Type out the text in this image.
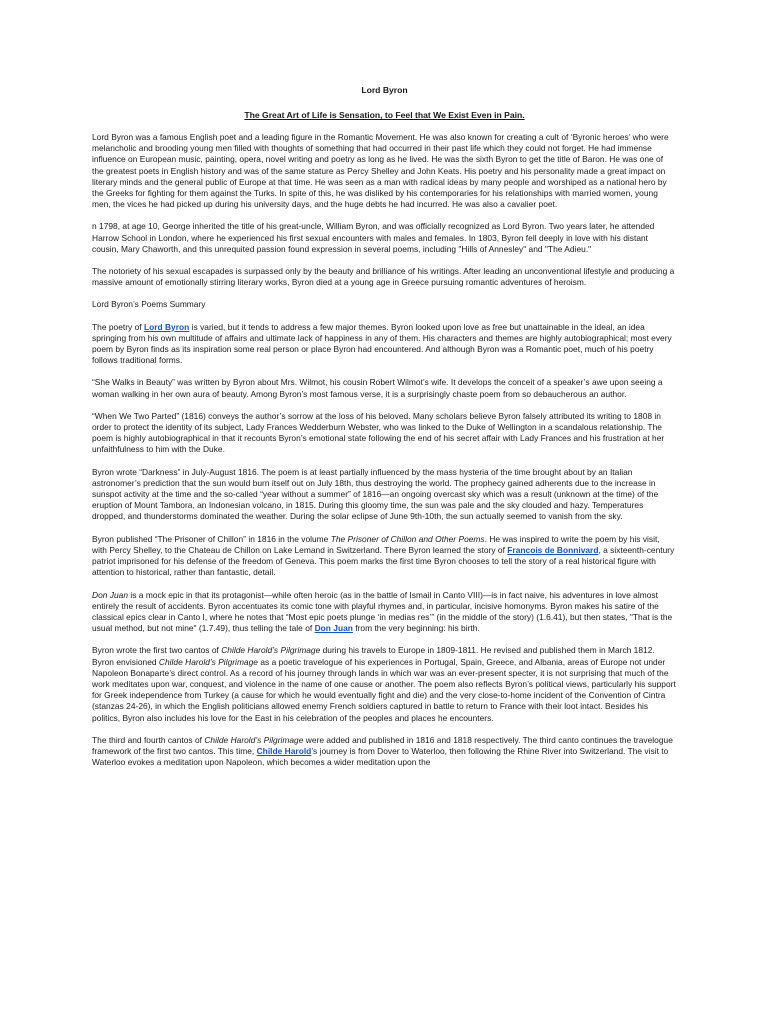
Lord Byron
The Great Art of Life is Sensation, to Feel that We Exist Even in Pain.

Lord Byron was a famous English poet and a leading figure in the Romantic Movement. He was also known for creating a cult of ‘Byronic heroes’ who were melancholic and brooding young men filled with thoughts of something that had occurred in their past life which they could not forget. He had immense influence on European music, painting, opera, novel writing and poetry as long as he lived. He was the sixth Byron to get the title of Baron. He was one of the greatest poets in English history and was of the same stature as Percy Shelley and John Keats. His poetry and his personality made a great impact on literary minds and the general public of Europe at that time. He was seen as a man with radical ideas by many people and worshiped as a national hero by the Greeks for fighting for them against the Turks. In spite of this, he was disliked by his contemporaries for his relationships with married women, young men, the vices he had picked up during his university days, and the huge debts he had incurred. He was also a cavalier poet.

n 1798, at age 10, George inherited the title of his great-uncle, William Byron, and was officially recognized as Lord Byron. Two years later, he attended Harrow School in London, where he experienced his first sexual encounters with males and females. In 1803, Byron fell deeply in love with his distant cousin, Mary Chaworth, and this unrequited passion found expression in several poems, including "Hills of Annesley" and "The Adieu."

The notoriety of his sexual escapades is surpassed only by the beauty and brilliance of his writings. After leading an unconventional lifestyle and producing a massive amount of emotionally stirring literary works, Byron died at a young age in Greece pursuing romantic adventures of heroism.

Lord Byron’s Poems Summary

The poetry of Lord Byron is varied, but it tends to address a few major themes. Byron looked upon love as free but unattainable in the ideal, an idea springing from his own multitude of affairs and ultimate lack of happiness in any of them. His characters and themes are highly autobiographical; most every poem by Byron finds as its inspiration some real person or place Byron had encountered. And although Byron was a Romantic poet, much of his poetry follows traditional forms.

“She Walks in Beauty” was written by Byron about Mrs. Wilmot, his cousin Robert Wilmot’s wife. It develops the conceit of a speaker’s awe upon seeing a woman walking in her own aura of beauty. Among Byron’s most famous verse, it is a surprisingly chaste poem from so debaucherous an author.

“When We Two Parted” (1816) conveys the author’s sorrow at the loss of his beloved. Many scholars believe Byron falsely attributed its writing to 1808 in order to protect the identity of its subject, Lady Frances Wedderburn Webster, who was linked to the Duke of Wellington in a scandalous relationship. The poem is highly autobiographical in that it recounts Byron’s emotional state following the end of his secret affair with Lady Frances and his frustration at her unfaithfulness to him with the Duke.

Byron wrote “Darkness” in July-August 1816. The poem is at least partially influenced by the mass hysteria of the time brought about by an Italian astronomer’s prediction that the sun would burn itself out on July 18th, thus destroying the world. The prophecy gained adherents due to the increase in sunspot activity at the time and the so-called “year without a summer” of 1816—an ongoing overcast sky which was a result (unknown at the time) of the eruption of Mount Tambora, an Indonesian volcano, in 1815. During this gloomy time, the sun was pale and the sky clouded and hazy. Temperatures dropped, and thunderstorms dominated the weather. During the solar eclipse of June 9th-10th, the sun actually seemed to vanish from the sky.

Byron published “The Prisoner of Chillon” in 1816 in the volume The Prisoner of Chillon and Other Poems. He was inspired to write the poem by his visit, with Percy Shelley, to the Chateau de Chillon on Lake Lemand in Switzerland. There Byron learned the story of Francois de Bonnivard, a sixteenth-century patriot imprisoned for his defense of the freedom of Geneva. This poem marks the first time Byron chooses to tell the story of a real historical figure with attention to historical, rather than fantastic, detail.

Don Juan is a mock epic in that its protagonist—while often heroic (as in the battle of Ismail in Canto VIII)—is in fact naive, his adventures in love almost entirely the result of accidents. Byron accentuates its comic tone with playful rhymes and, in particular, incisive homonyms. Byron makes his satire of the classical epics clear in Canto I, where he notes that “Most epic poets plunge ‘in medias res’” (in the middle of the story) (1.6.41), but then states, "That is the usual method, but not mine" (1.7.49), thus telling the tale of Don Juan from the very beginning: his birth.

Byron wrote the first two cantos of Childe Harold’s Pilgrimage during his travels to Europe in 1809-1811. He revised and published them in March 1812. Byron envisioned Childe Harold’s Pilgrimage as a poetic travelogue of his experiences in Portugal, Spain, Greece, and Albania, areas of Europe not under Napoleon Bonaparte’s direct control. As a record of his journey through lands in which war was an ever-present specter, it is not surprising that much of the work meditates upon war, conquest, and violence in the name of one cause or another. The poem also reflects Byron’s political views, particularly his support for Greek independence from Turkey (a cause for which he would eventually fight and die) and the very close-to-home incident of the Convention of Cintra (stanzas 24-26), in which the English politicians allowed enemy French soldiers captured in battle to return to France with their loot intact. Besides his politics, Byron also includes his love for the East in his celebration of the peoples and places he encounters.

The third and fourth cantos of Childe Harold’s Pilgrimage were added and published in 1816 and 1818 respectively. The third canto continues the travelogue framework of the first two cantos. This time, Childe Harold’s journey is from Dover to Waterloo, then following the Rhine River into Switzerland. The visit to Waterloo evokes a meditation upon Napoleon, which becomes a wider meditation upon the
